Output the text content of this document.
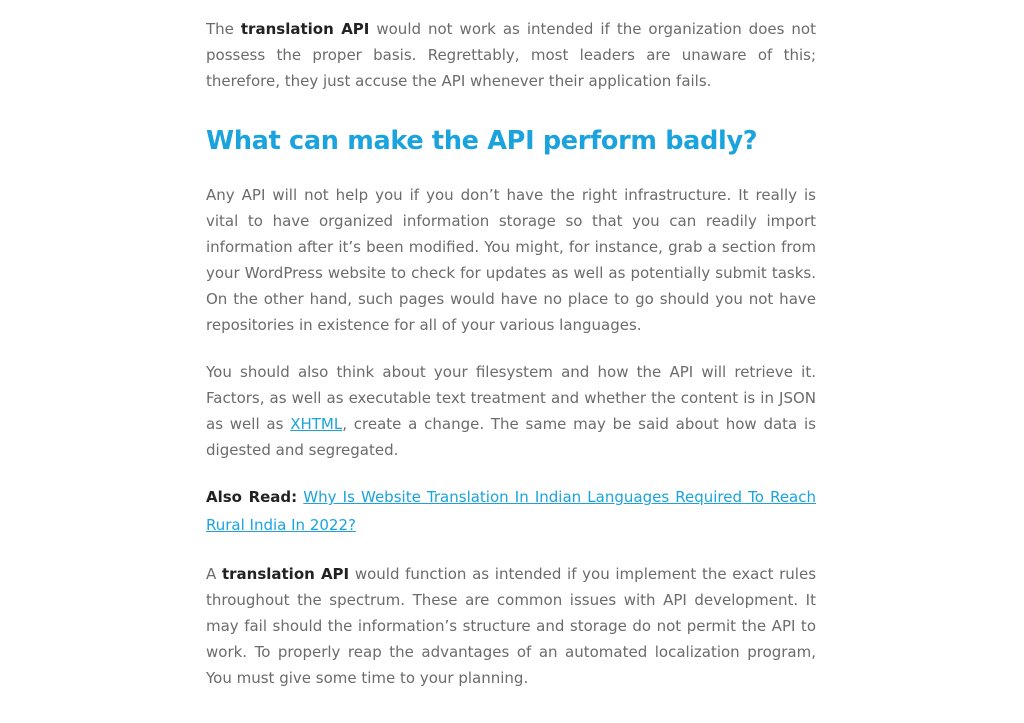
The translation API would not work as intended if the organization does not possess the proper basis. Regrettably, most leaders are unaware of this; therefore, they just accuse the API whenever their application fails.

What can make the API perform badly?

Any API will not help you if you don’t have the right infrastructure. It really is vital to have organized information storage so that you can readily import information after it’s been modified. You might, for instance, grab a section from your WordPress website to check for updates as well as potentially submit tasks. On the other hand, such pages would have no place to go should you not have repositories in existence for all of your various languages.

You should also think about your filesystem and how the API will retrieve it. Factors, as well as executable text treatment and whether the content is in JSON as well as XHTML, create a change. The same may be said about how data is digested and segregated.

Also Read: Why Is Website Translation In Indian Languages Required To Reach Rural India In 2022?

A translation API would function as intended if you implement the exact rules throughout the spectrum. These are common issues with API development. It may fail should the information’s structure and storage do not permit the API to work. To properly reap the advantages of an automated localization program, You must give some time to your planning.
